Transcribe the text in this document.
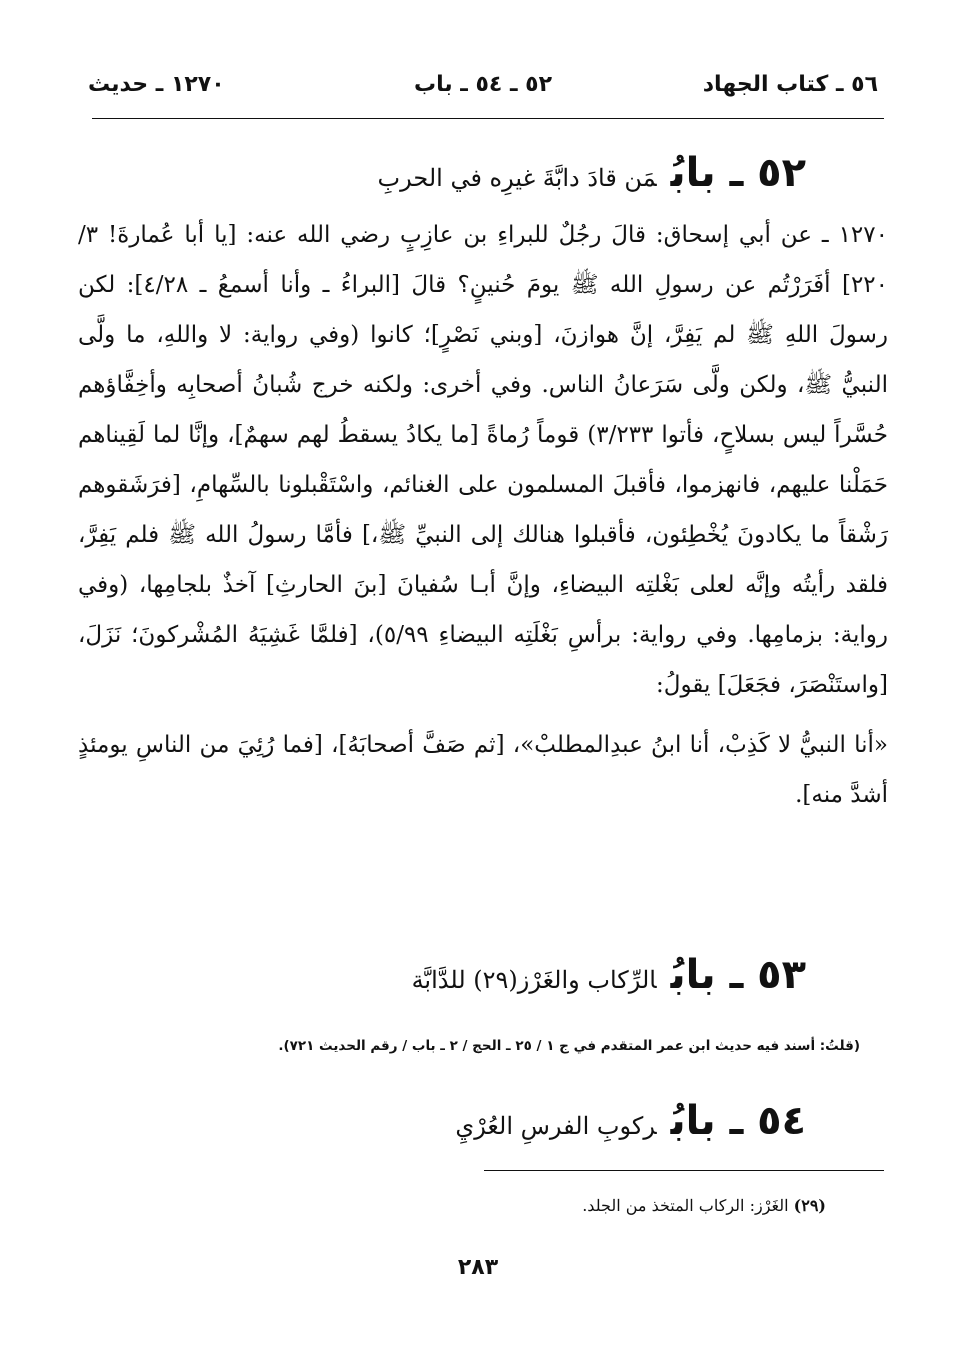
٥٦ ـ كتاب الجهاد
٥٢ ـ ٥٤ ـ باب
١٢٧٠ ـ حديث
٥٢ ـ بابُمَن قادَ دابَّةَ غيرِه في الحربِ

١٢٧٠ ـ عن أبي إسحاق: قالَ رجُلٌ للبراءِ بن عازِبٍ رضي الله عنه: [يا أبا عُمارةَ! ٣/ ٢٢٠] أفَرَرْتُم عن رسولِ الله ﷺ يومَ حُنينٍ؟ قالَ [البراءُ ـ وأنا أسمعُ ـ ٤/٢٨]: لكن رسولَ اللهِ ﷺ لم يَفِرَّ، إنَّ هوازنَ، [وبني نَصْرٍ]؛ كانوا (وفي رواية: لا واللهِ، ما ولَّى النبيُّ ﷺ، ولكن ولَّى سَرَعانُ الناس. وفي أخرى: ولكنه خرج شُبانُ أصحابِه وأخِفَّاؤهم حُسَّراً ليس بسلاحٍ، فأتوا ٣/٢٣٣) قوماً رُماةً [ما يكادُ يسقطُ لهم سهمٌ]، وإنَّا لما لَقِيناهم حَمَلْنا عليهم، فانهزموا، فأقبلَ المسلمون على الغنائم، واسْتَقْبلونا بالسِّهامِ، [فرَشَقوهم رَشْقاً ما يكادونَ يُخْطِئون، فأقبلوا هنالك إلى النبيِّ ﷺ،] فأمَّا رسولُ الله ﷺ فلم يَفِرَّ، فلقد رأيتُه وإنَّه لعلى بَغْلتِه البيضاءِ، وإنَّ أبـا سُفيانَ [بنَ الحارثِ] آخذٌ بلجامِها، (وفي رواية: بزمامِها. وفي رواية: برأسِ بَغْلَتِه البيضاءِ ٥/٩٩)، [فلمَّا غَشِيَهُ المُشْركونَ؛ نَزَلَ، [واستَنْصَرَ، فجَعَلَ] يقولُ:

«أنا النبيُّ لا كَذِبْ، أنا ابنُ عبدِالمطلبْ»، [ثم صَفَّ أصحابَهُ]، [فما رُئِيَ من الناسِ يومئذٍ أشدَّ منه].

٥٣ ـ بابُالرِّكاب والغَرْز(٢٩) للدَّابَّة
(قلتُ: أسند فيه حديث ابن عمر المتقدم في ج ١ / ٢٥ ـ الحج / ٢ ـ باب / رقم الحديث ٧٢١).
٥٤ ـ بابُركوبِ الفرسِ العُرْيِ
(٢٩) الغَرْز: الركاب المتخذ من الجلد.
٢٨٣
